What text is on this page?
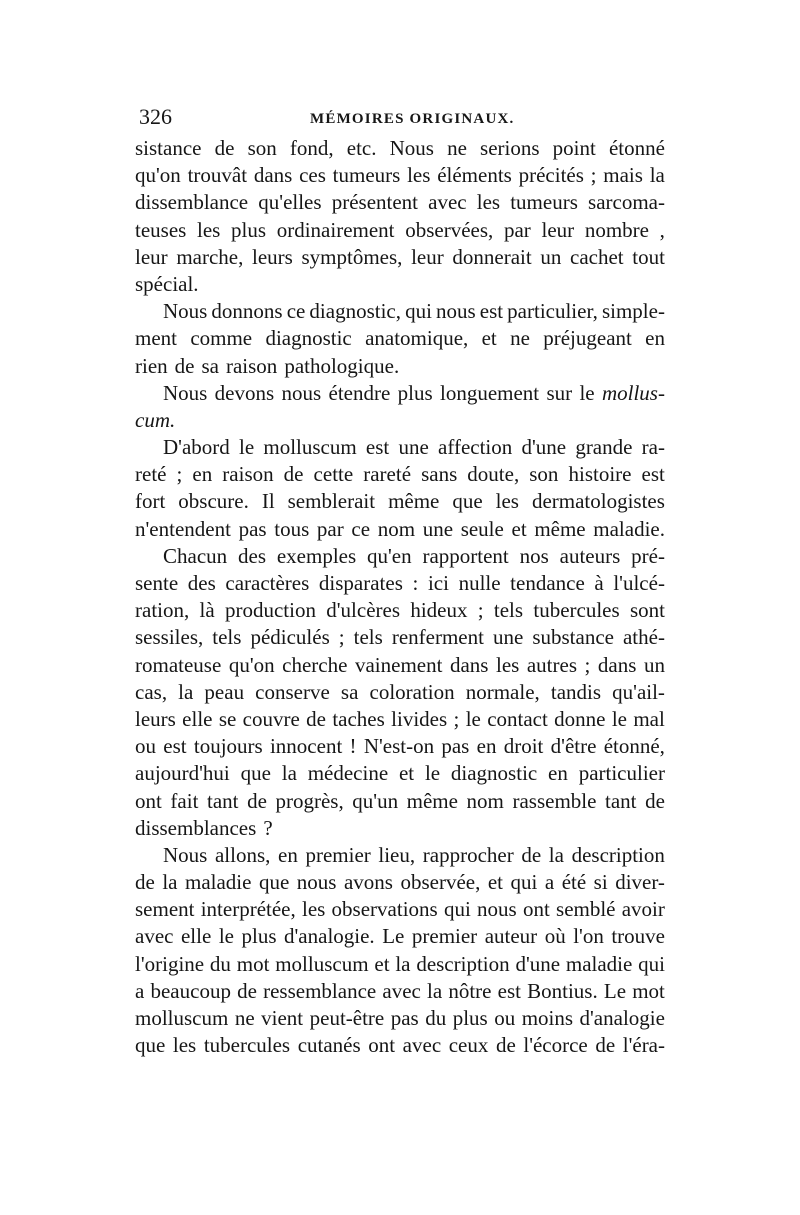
326	MÉMOIRES ORIGINAUX.
sistance de son fond, etc. Nous ne serions point étonné
qu'on trouvât dans ces tumeurs les éléments précités ; mais la
dissemblance qu'elles présentent avec les tumeurs sarcoma-
teuses les plus ordinairement observées, par leur nombre ,
leur marche, leurs symptômes, leur donnerait un cachet tout
spécial.
Nous donnons ce diagnostic, qui nous est particulier, simple-
ment comme diagnostic anatomique, et ne préjugeant en
rien de sa raison pathologique.
Nous devons nous étendre plus longuement sur le mollus-
cum.
D'abord le molluscum est une affection d'une grande ra-
reté ; en raison de cette rareté sans doute, son histoire est
fort obscure. Il semblerait même que les dermatologistes
n'entendent pas tous par ce nom une seule et même maladie.
Chacun des exemples qu'en rapportent nos auteurs pré-
sente des caractères disparates : ici nulle tendance à l'ulcé-
ration, là production d'ulcères hideux ; tels tubercules sont
sessiles, tels pédiculés ; tels renferment une substance athé-
romateuse qu'on cherche vainement dans les autres ; dans un
cas, la peau conserve sa coloration normale, tandis qu'ail-
leurs elle se couvre de taches livides ; le contact donne le mal
ou est toujours innocent ! N'est-on pas en droit d'être étonné,
aujourd'hui que la médecine et le diagnostic en particulier
ont fait tant de progrès, qu'un même nom rassemble tant de
dissemblances ?
Nous allons, en premier lieu, rapprocher de la description
de la maladie que nous avons observée, et qui a été si diver-
sement interprétée, les observations qui nous ont semblé avoir
avec elle le plus d'analogie. Le premier auteur où l'on trouve
l'origine du mot molluscum et la description d'une maladie qui
a beaucoup de ressemblance avec la nôtre est Bontius. Le mot
molluscum ne vient peut-être pas du plus ou moins d'analogie
que les tubercules cutanés ont avec ceux de l'écorce de l'éra-
